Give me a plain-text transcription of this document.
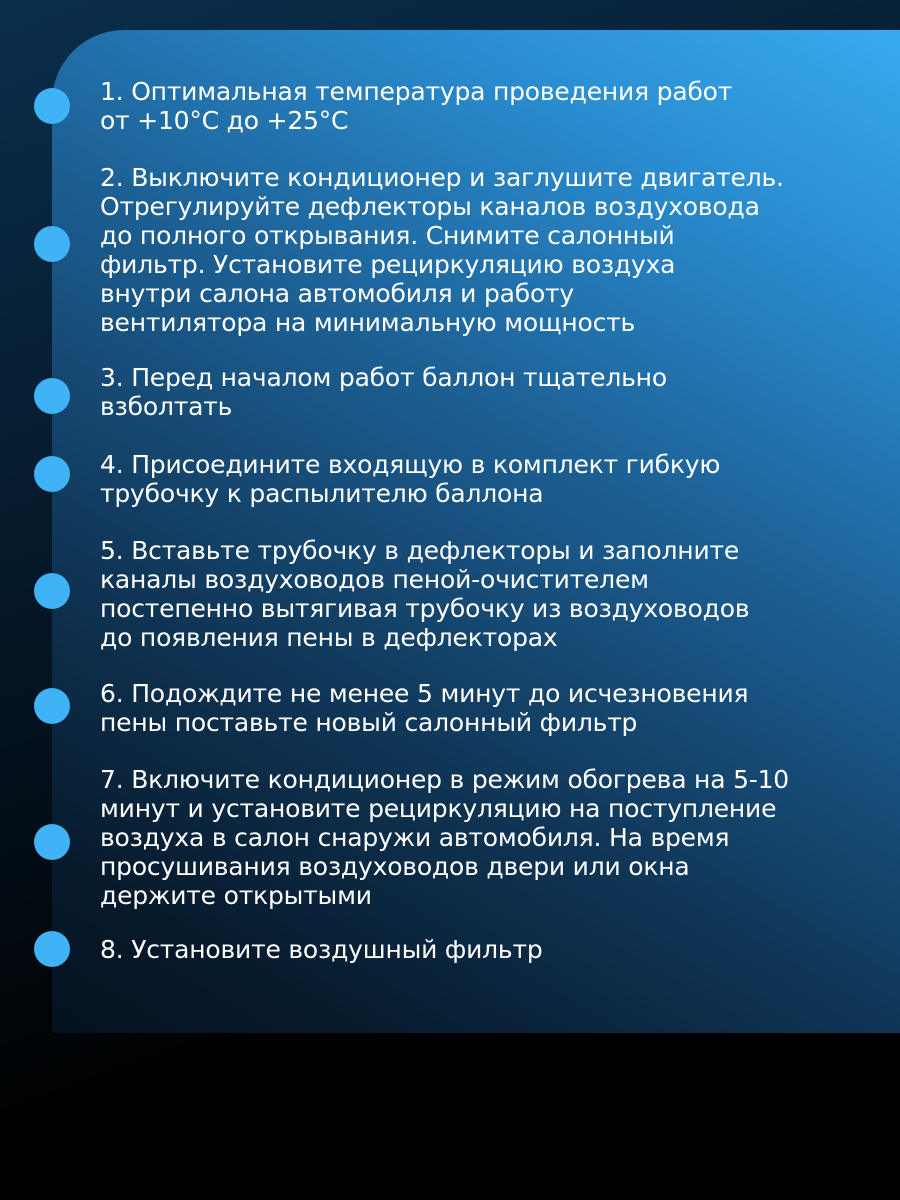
1. Оптимальная температура проведения работ
от +10°С до +25°С

2. Выключите кондиционер и заглушите двигатель.
Отрегулируйте дефлекторы каналов воздуховода
до полного открывания. Снимите салонный
фильтр. Установите рециркуляцию воздуха
внутри салона автомобиля и работу
вентилятора на минимальную мощность

3. Перед началом работ баллон тщательно
взболтать

4. Присоедините входящую в комплект гибкую
трубочку к распылителю баллона

5. Вставьте трубочку в дефлекторы и заполните
каналы воздуховодов пеной-очистителем
постепенно вытягивая трубочку из воздуховодов
до появления пены в дефлекторах

6. Подождите не менее 5 минут до исчезновения
пены поставьте новый салонный фильтр

7. Включите кондиционер в режим обогрева на 5-10
минут и установите рециркуляцию на поступление
воздуха в салон снаружи автомобиля. На время
просушивания воздуховодов двери или окна
держите открытыми

8. Установите воздушный фильтр
